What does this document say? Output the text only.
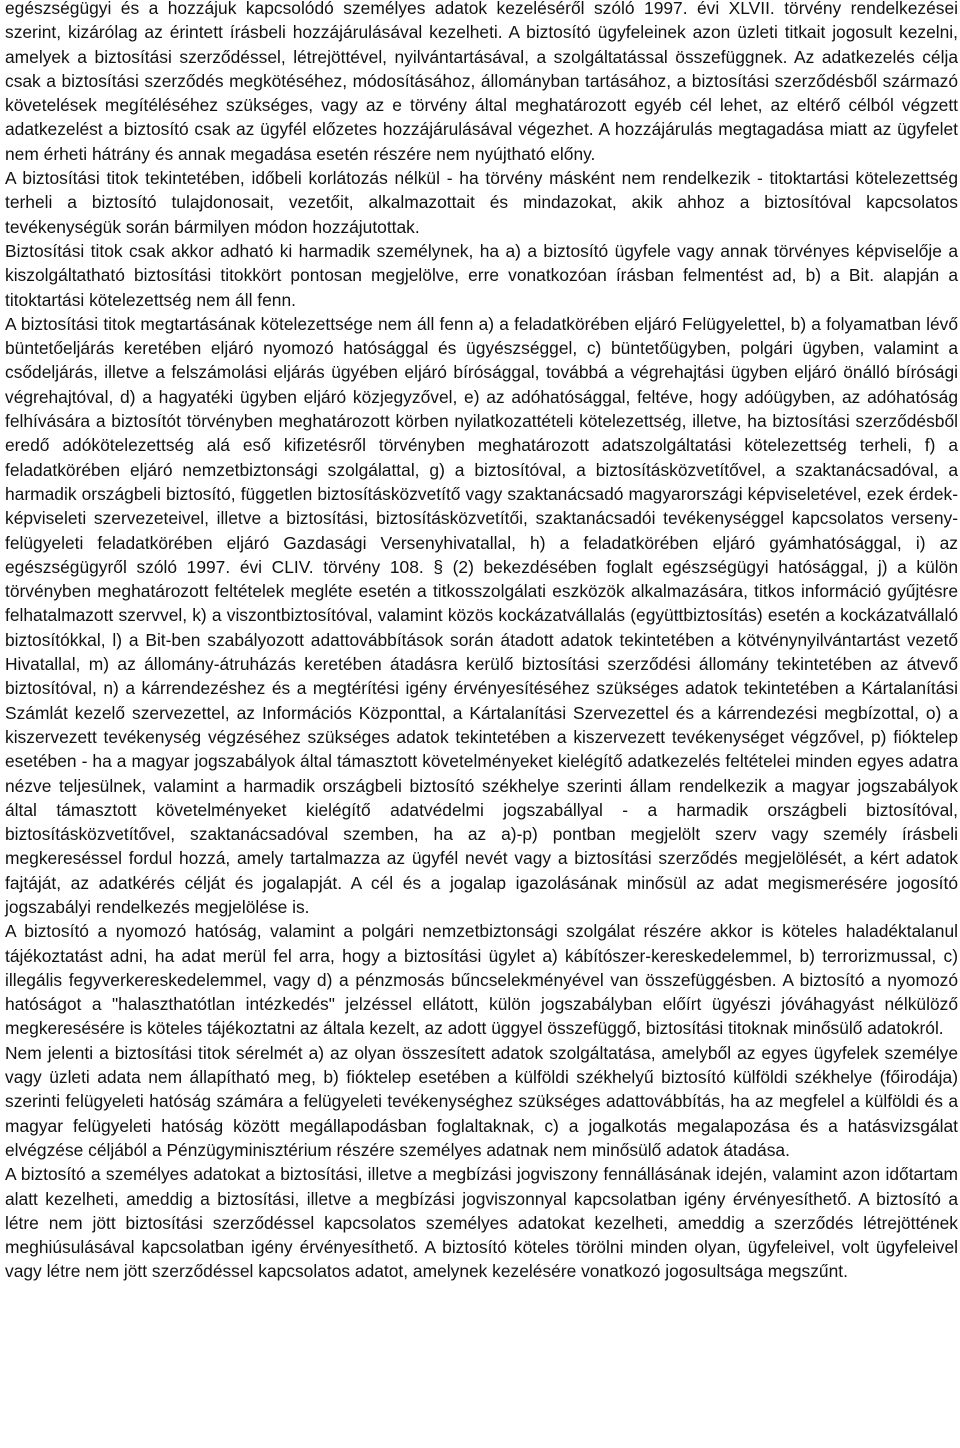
egészségügyi és a hozzájuk kapcsolódó személyes adatok kezeléséről szóló 1997. évi XLVII. törvény rendelkezései szerint, kizárólag az érintett írásbeli hozzájárulásával kezelheti. A biztosító ügyfeleinek azon üzleti titkait jogosult kezelni, amelyek a biztosítási szerződéssel, létrejöttével, nyilvántartásával, a szolgáltatással összefüggnek. Az adatkezelés célja csak a biztosítási szerződés megkötéséhez, módosításához, állományban tartásához, a biztosítási szerződésből származó követelések megítéléséhez szükséges, vagy az e törvény által meghatározott egyéb cél lehet, az eltérő célból végzett adatkezelést a biztosító csak az ügyfél előzetes hozzájárulásával végezhet. A hozzájárulás megtagadása miatt az ügyfelet nem érheti hátrány és annak megadása esetén részére nem nyújtható előny.

A biztosítási titok tekintetében, időbeli korlátozás nélkül - ha törvény másként nem rendelkezik - titoktartási kötelezettség terheli a biztosító tulajdonosait, vezetőit, alkalmazottait és mindazokat, akik ahhoz a biztosítóval kapcsolatos tevékenységük során bármilyen módon hozzájutottak.

Biztosítási titok csak akkor adható ki harmadik személynek, ha a) a biztosító ügyfele vagy annak törvényes képviselője a kiszolgáltatható biztosítási titokkört pontosan megjelölve, erre vonatkozóan írásban felmentést ad, b) a Bit. alapján a titoktartási kötelezettség nem áll fenn.

A biztosítási titok megtartásának kötelezettsége nem áll fenn a) a feladatkörében eljáró Felügyelettel, b) a folyamatban lévő büntetőeljárás keretében eljáró nyomozó hatósággal és ügyészséggel, c) büntetőügyben, polgári ügyben, valamint a csődeljárás, illetve a felszámolási eljárás ügyében eljáró bírósággal, továbbá a végrehajtási ügyben eljáró önálló bírósági végrehajtóval, d) a hagyatéki ügyben eljáró közjegyzővel, e) az adóhatósággal, feltéve, hogy adóügyben, az adóhatóság felhívására a biztosítót törvényben meghatározott körben nyilatkozattételi kötelezettség, illetve, ha biztosítási szerződésből eredő adókötelezettség alá eső kifizetésről törvényben meghatározott adatszolgáltatási kötelezettség terheli, f) a feladatkörében eljáró nemzetbiztonsági szolgálattal, g) a biztosítóval, a biztosításközvetítővel, a szaktanácsadóval, a harmadik országbeli biztosító, független biztosításközvetítő vagy szaktanácsadó magyarországi képviseletével, ezek érdek-képviseleti szervezeteivel, illetve a biztosítási, biztosításközvetítői, szaktanácsadói tevékenységgel kapcsolatos verseny-felügyeleti feladatkörében eljáró Gazdasági Versenyhivatallal, h) a feladatkörében eljáró gyámhatósággal, i) az egészségügyről szóló 1997. évi CLIV. törvény 108. § (2) bekezdésében foglalt egészségügyi hatósággal, j) a külön törvényben meghatározott feltételek megléte esetén a titkosszolgálati eszközök alkalmazására, titkos információ gyűjtésre felhatalmazott szervvel, k) a viszontbiztosítóval, valamint közös kockázatvállalás (együttbiztosítás) esetén a kockázatvállaló biztosítókkal, l) a Bit-ben szabályozott adattovábbítások során átadott adatok tekintetében a kötvénynyilvántartást vezető Hivatallal, m) az állomány-átruházás keretében átadásra kerülő biztosítási szerződési állomány tekintetében az átvevő biztosítóval, n) a kárrendezéshez és a megtérítési igény érvényesítéséhez szükséges adatok tekintetében a Kártalanítási Számlát kezelő szervezettel, az Információs Központtal, a Kártalanítási Szervezettel és a kárrendezési megbízottal, o) a kiszervezett tevékenység végzéséhez szükséges adatok tekintetében a kiszervezett tevékenységet végzővel, p) fióktelep esetében - ha a magyar jogszabályok által támasztott követelményeket kielégítő adatkezelés feltételei minden egyes adatra nézve teljesülnek, valamint a harmadik országbeli biztosító székhelye szerinti állam rendelkezik a magyar jogszabályok által támasztott követelményeket kielégítő adatvédelmi jogszabállyal - a harmadik országbeli biztosítóval, biztosításközvetítővel, szaktanácsadóval szemben, ha az a)-p) pontban megjelölt szerv vagy személy írásbeli megkereséssel fordul hozzá, amely tartalmazza az ügyfél nevét vagy a biztosítási szerződés megjelölését, a kért adatok fajtáját, az adatkérés célját és jogalapját. A cél és a jogalap igazolásának minősül az adat megismerésére jogosító jogszabályi rendelkezés megjelölése is.

A biztosító a nyomozó hatóság, valamint a polgári nemzetbiztonsági szolgálat részére akkor is köteles haladéktalanul tájékoztatást adni, ha adat merül fel arra, hogy a biztosítási ügylet a) kábítószer-kereskedelemmel, b) terrorizmussal, c) illegális fegyverkereskedelemmel, vagy d) a pénzmosás bűncselekményével van összefüggésben. A biztosító a nyomozó hatóságot a "halaszthatótlan intézkedés" jelzéssel ellátott, külön jogszabályban előírt ügyészi jóváhagyást nélkülöző megkeresésére is köteles tájékoztatni az általa kezelt, az adott üggyel összefüggő, biztosítási titoknak minősülő adatokról.

Nem jelenti a biztosítási titok sérelmét a) az olyan összesített adatok szolgáltatása, amelyből az egyes ügyfelek személye vagy üzleti adata nem állapítható meg, b) fióktelep esetében a külföldi székhelyű biztosító külföldi székhelye (főirodája) szerinti felügyeleti hatóság számára a felügyeleti tevékenységhez szükséges adattovábbítás, ha az megfelel a külföldi és a magyar felügyeleti hatóság között megállapodásban foglaltaknak, c) a jogalkotás megalapozása és a hatásvizsgálat elvégzése céljából a Pénzügyminisztérium részére személyes adatnak nem minősülő adatok átadása.

A biztosító a személyes adatokat a biztosítási, illetve a megbízási jogviszony fennállásának idején, valamint azon időtartam alatt kezelheti, ameddig a biztosítási, illetve a megbízási jogviszonnyal kapcsolatban igény érvényesíthető. A biztosító a létre nem jött biztosítási szerződéssel kapcsolatos személyes adatokat kezelheti, ameddig a szerződés létrejöttének meghiúsulásával kapcsolatban igény érvényesíthető. A biztosító köteles törölni minden olyan, ügyfeleivel, volt ügyfeleivel vagy létre nem jött szerződéssel kapcsolatos adatot, amelynek kezelésére vonatkozó jogosultsága megszűnt.
